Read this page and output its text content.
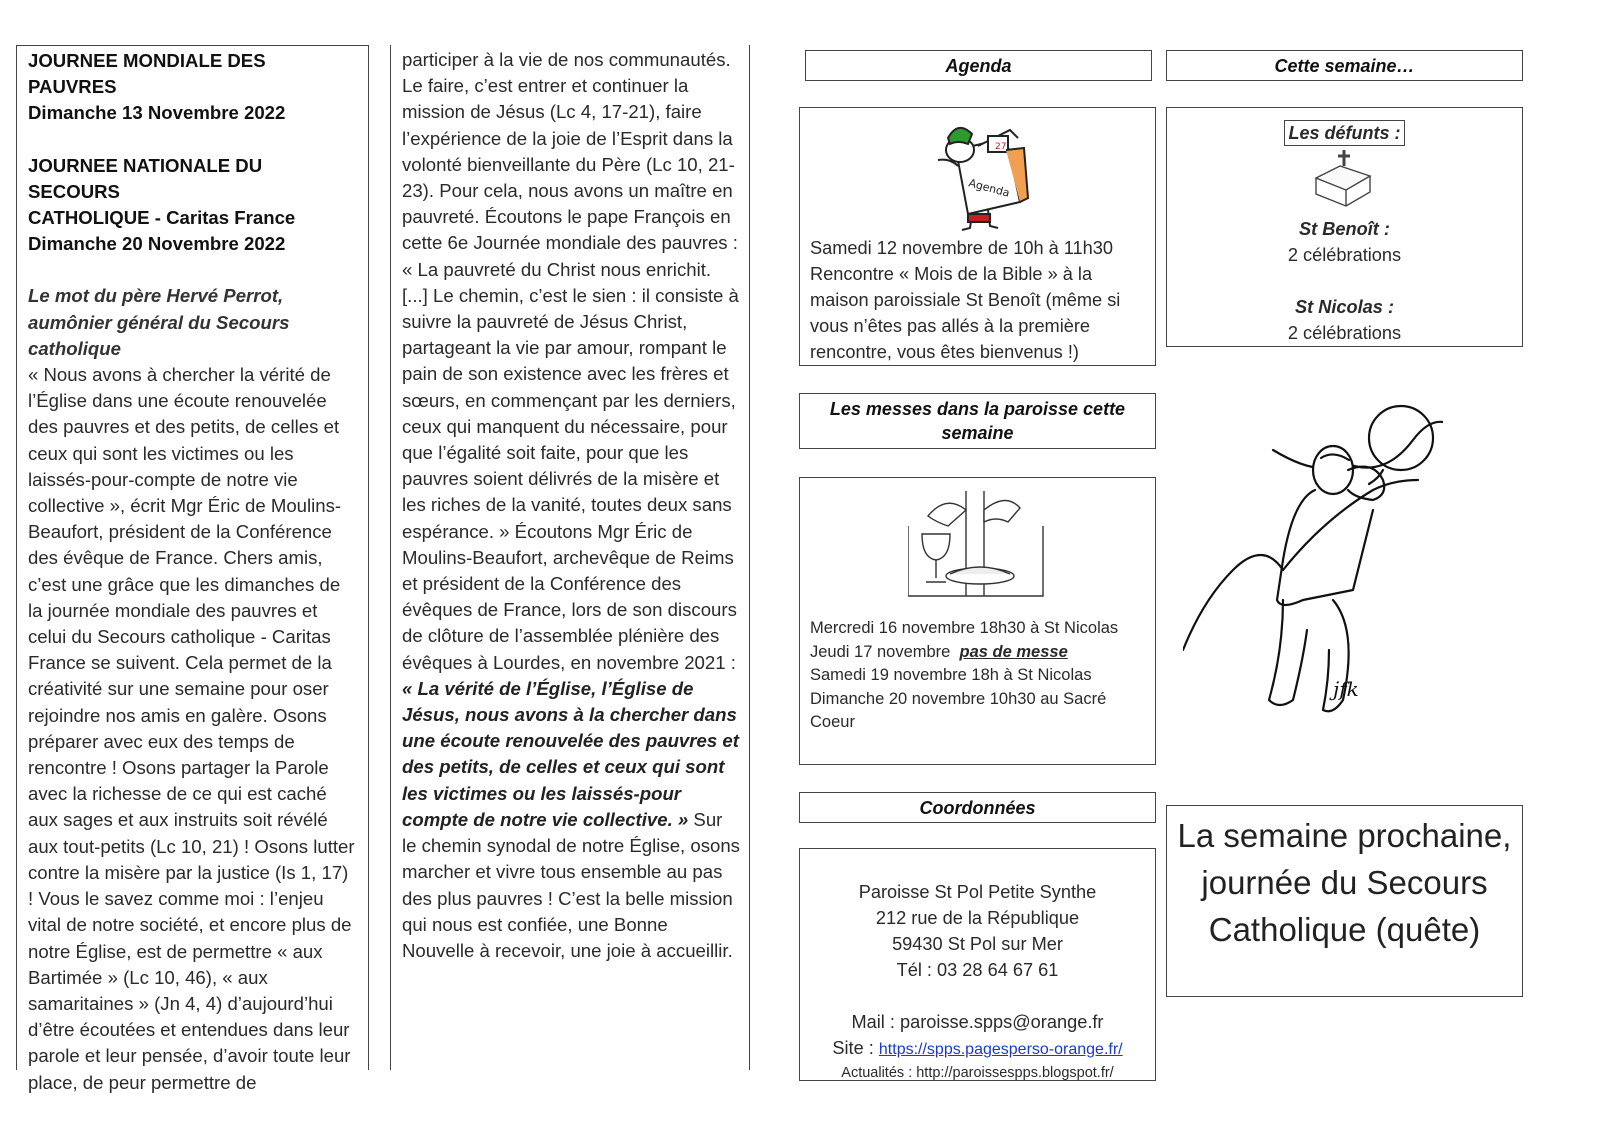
JOURNEE MONDIALE DES PAUVRES

Dimanche 13 Novembre 2022

JOURNEE NATIONALE DU SECOURS

CATHOLIQUE - Caritas France

Dimanche 20 Novembre 2022

Le mot du père Hervé Perrot, aumônier général du Secours catholique

« Nous avons à chercher la vérité de l’Église dans une écoute renouvelée des pauvres et des petits, de celles et ceux qui sont les victimes ou les laissés-pour-compte de notre vie collective », écrit Mgr Éric de Moulins-Beaufort, président de la Conférence des évêque de France. Chers amis, c’est une grâce que les dimanches de la journée mondiale des pauvres et celui du Secours catholique - Caritas France se suivent. Cela permet de la créativité sur une semaine pour oser rejoindre nos amis en galère. Osons préparer avec eux des temps de rencontre ! Osons partager la Parole avec la richesse de ce qui est caché aux sages et aux instruits soit révélé aux tout-petits (Lc 10, 21) ! Osons lutter contre la misère par la justice (Is 1, 17) ! Vous le savez comme moi : l’enjeu vital de notre société, et encore plus de notre Église, est de permettre « aux Bartimée » (Lc 10, 46), « aux samaritaines » (Jn 4, 4) d’aujourd’hui d’être écoutées et entendues dans leur parole et leur pensée, d’avoir toute leur place, de peur permettre de

participer à la vie de nos communautés. Le faire, c’est entrer et continuer la mission de Jésus (Lc 4, 17-21), faire l’expérience de la joie de l’Esprit dans la volonté bienveillante du Père (Lc 10, 21-23). Pour cela, nous avons un maître en pauvreté. Écoutons le pape François en cette 6e Journée mondiale des pauvres : « La pauvreté du Christ nous enrichit. [...] Le chemin, c’est le sien : il consiste à suivre la pauvreté de Jésus Christ, partageant la vie par amour, rompant le pain de son existence avec les frères et sœurs, en commençant par les derniers, ceux qui manquent du nécessaire, pour que l’égalité soit faite, pour que les pauvres soient délivrés de la misère et les riches de la vanité, toutes deux sans espérance. » Écoutons Mgr Éric de Moulins-Beaufort, archevêque de Reims et président de la Conférence des évêques de France, lors de son discours de clôture de l’assemblée plénière des évêques à Lourdes, en novembre 2021 : « La vérité de l’Église, l’Église de Jésus, nous avons à la chercher dans une écoute renouvelée des pauvres et des petits, de celles et ceux qui sont les victimes ou les laissés-pour compte de notre vie collective. » Sur le chemin synodal de notre Église, osons marcher et vivre tous ensemble au pas des plus pauvres ! C’est la belle mission qui nous est confiée, une Bonne Nouvelle à recevoir, une joie à accueillir.

Agenda
27
Agenda
Samedi 12 novembre de 10h à 11h30
Rencontre « Mois de la Bible » à la maison paroissiale St Benoît (même si vous n’êtes pas allés à la première rencontre, vous êtes bienvenus !)
Cette semaine…
Les défunts :
St Benoît :
2 célébrations
St Nicolas :
2 célébrations
Les messes dans la paroisse cette semaine
Mercredi 16 novembre 18h30 à St Nicolas
Jeudi 17 novembre pas de messe
Samedi 19 novembre 18h à St Nicolas
Dimanche 20 novembre 10h30 au Sacré Coeur
Coordonnées
Paroisse St Pol Petite Synthe
212 rue de la République
59430 St Pol sur Mer
Tél : 03 28 64 67 61
Mail : paroisse.spps@orange.fr
Site : https://spps.pagesperso-orange.fr/
Actualités : http://paroissespps.blogspot.fr/
jfk
La semaine prochaine, journée du Secours Catholique (quête)
